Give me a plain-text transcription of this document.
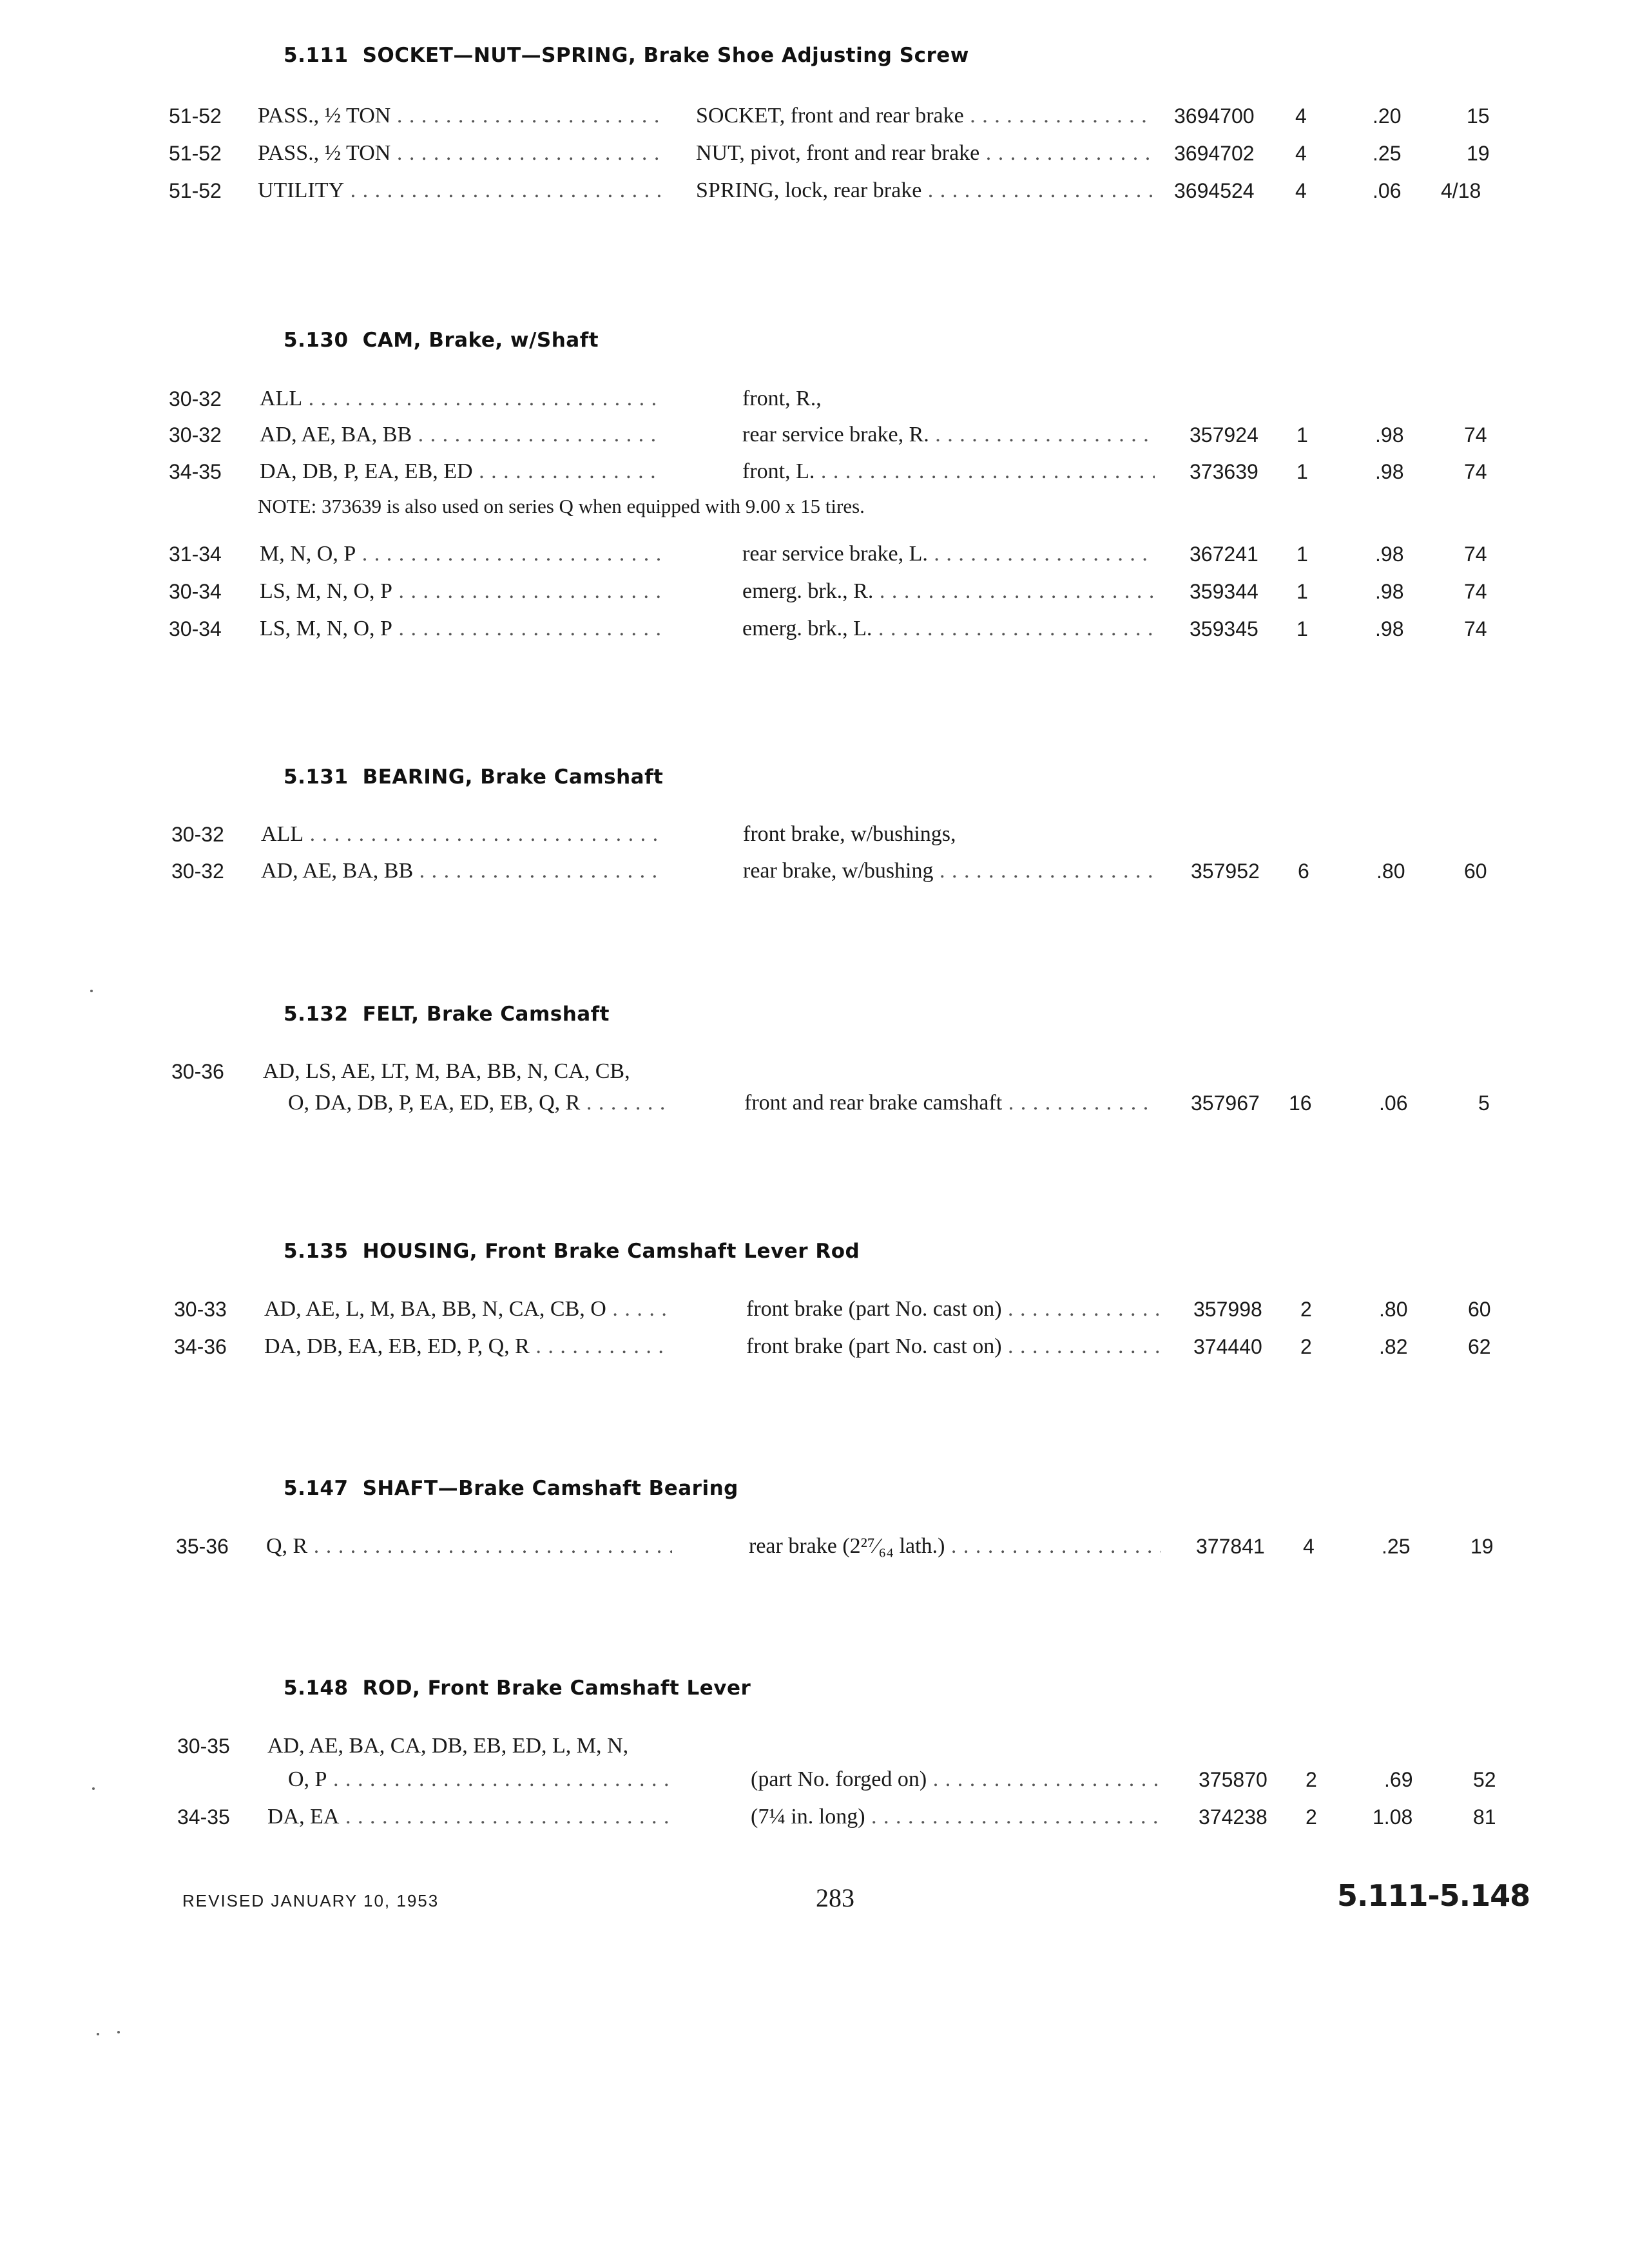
5.111 SOCKET—NUT—SPRING, Brake Shoe Adjusting Screw
51-52 PASS., ½ TON . . .	SOCKET, front and rear brake . . .	3694700 4	.20	15
51-52 PASS., ½ TON . . .	NUT, pivot, front and rear brake . . .	3694702 4	.25	19
51-52 UTILITY . . .	SPRING, lock, rear brake . . .	3694524 4	.06 4/18
5.130 CAM, Brake, w/Shaft
30-32 ALL . . .	front, R.,
30-32 AD, AE, BA, BB . . .	rear service brake, R. . . .	357924 1	.98	74
34-35 DA, DB, P, EA, EB, ED . . .	front, L. . . .	373639 1	.98	74
NOTE: 373639 is also used on series Q when equipped with 9.00 x 15 tires.
31-34 M, N, O, P . . .	rear service brake, L. . . .	367241 1	.98	74
30-34 LS, M, N, O, P . . .	emerg. brk., R. . . .	359344 1	.98	74
30-34 LS, M, N, O, P . . .	emerg. brk., L. . . .	359345 1	.98	74
5.131 BEARING, Brake Camshaft
30-32 ALL . . .	front brake, w/bushings,
30-32 AD, AE, BA, BB . . .	rear brake, w/bushing . . .	357952 6	.80	60
5.132 FELT, Brake Camshaft
30-36 AD, LS, AE, LT, M, BA, BB, N, CA, CB,
O, DA, DB, P, EA, ED, EB, Q, R . . .	front and rear brake camshaft . . .	357967 16	.06	5
5.135 HOUSING, Front Brake Camshaft Lever Rod
30-33 AD, AE, L, M, BA, BB, N, CA, CB, O . . .	front brake (part No. cast on) . . .	357998 2	.80	60
34-36 DA, DB, EA, EB, ED, P, Q, R . . .	front brake (part No. cast on) . . .	374440 2	.82	62
5.147 SHAFT—Brake Camshaft Bearing
35-36 Q, R . . .	rear brake (2²⁷⁄₆₄ lath.) . . .	377841 4	.25	19
5.148 ROD, Front Brake Camshaft Lever
30-35 AD, AE, BA, CA, DB, EB, ED, L, M, N,
O, P . . .	(part No. forged on) . . .	375870 2	.69	52
34-35 DA, EA . . .	(7¼ in. long) . . .	374238 2	1.08	81
REVISED JANUARY 10, 1953	283	5.111-5.148
